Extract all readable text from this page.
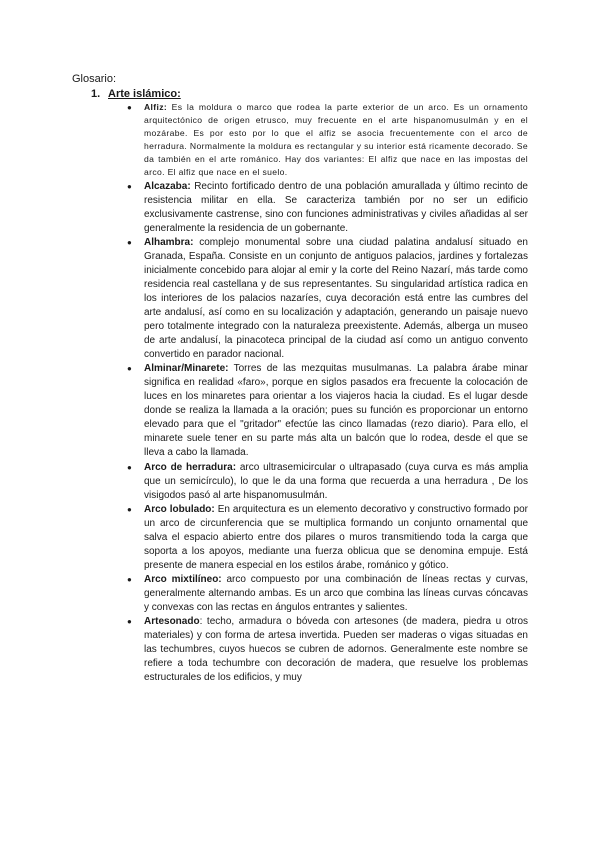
Glosario:
1. Arte islámico:
● Alfiz: Es la moldura o marco que rodea la parte exterior de un arco. Es un ornamento arquitectónico de origen etrusco, muy frecuente en el arte hispanomusulmán y en el mozárabe. Es por esto por lo que el alfiz se asocia frecuentemente con el arco de herradura. Normalmente la moldura es rectangular y su interior está ricamente decorado. Se da también en el arte románico. Hay dos variantes: El alfiz que nace en las impostas del arco. El alfiz que nace en el suelo.
● Alcazaba: Recinto fortificado dentro de una población amurallada y último recinto de resistencia militar en ella. Se caracteriza también por no ser un edificio exclusivamente castrense, sino con funciones administrativas y civiles añadidas al ser generalmente la residencia de un gobernante.
● Alhambra: complejo monumental sobre una ciudad palatina andalusí situado en Granada, España. Consiste en un conjunto de antiguos palacios, jardines y fortalezas inicialmente concebido para alojar al emir y la corte del Reino Nazarí, más tarde como residencia real castellana y de sus representantes. Su singularidad artística radica en los interiores de los palacios nazaríes, cuya decoración está entre las cumbres del arte andalusí, así como en su localización y adaptación, generando un paisaje nuevo pero totalmente integrado con la naturaleza preexistente. Además, alberga un museo de arte andalusí, la pinacoteca principal de la ciudad así como un antiguo convento convertido en parador nacional.
● Alminar/Minarete: Torres de las mezquitas musulmanas. La palabra árabe minar significa en realidad «faro», porque en siglos pasados era frecuente la colocación de luces en los minaretes para orientar a los viajeros hacia la ciudad. Es el lugar desde donde se realiza la llamada a la oración; pues su función es proporcionar un entorno elevado para que el "gritador" efectúe las cinco llamadas (rezo diario). Para ello, el minarete suele tener en su parte más alta un balcón que lo rodea, desde el que se lleva a cabo la llamada.
● Arco de herradura: arco ultrasemicircular o ultrapasado (cuya curva es más amplia que un semicírculo), lo que le da una forma que recuerda a una herradura , De los visigodos pasó al arte hispanomusulmán.
● Arco lobulado: En arquitectura es un elemento decorativo y constructivo formado por un arco de circunferencia que se multiplica formando un conjunto ornamental que salva el espacio abierto entre dos pilares o muros transmitiendo toda la carga que soporta a los apoyos, mediante una fuerza oblicua que se denomina empuje. Está presente de manera especial en los estilos árabe, románico y gótico.
● Arco mixtilíneo: arco compuesto por una combinación de líneas rectas y curvas, generalmente alternando ambas. Es un arco que combina las líneas curvas cóncavas y convexas con las rectas en ángulos entrantes y salientes.
● Artesonado: techo, armadura o bóveda con artesones (de madera, piedra u otros materiales) y con forma de artesa invertida. Pueden ser maderas o vigas situadas en las techumbres, cuyos huecos se cubren de adornos. Generalmente este nombre se refiere a toda techumbre con decoración de madera, que resuelve los problemas estructurales de los edificios, y muy
